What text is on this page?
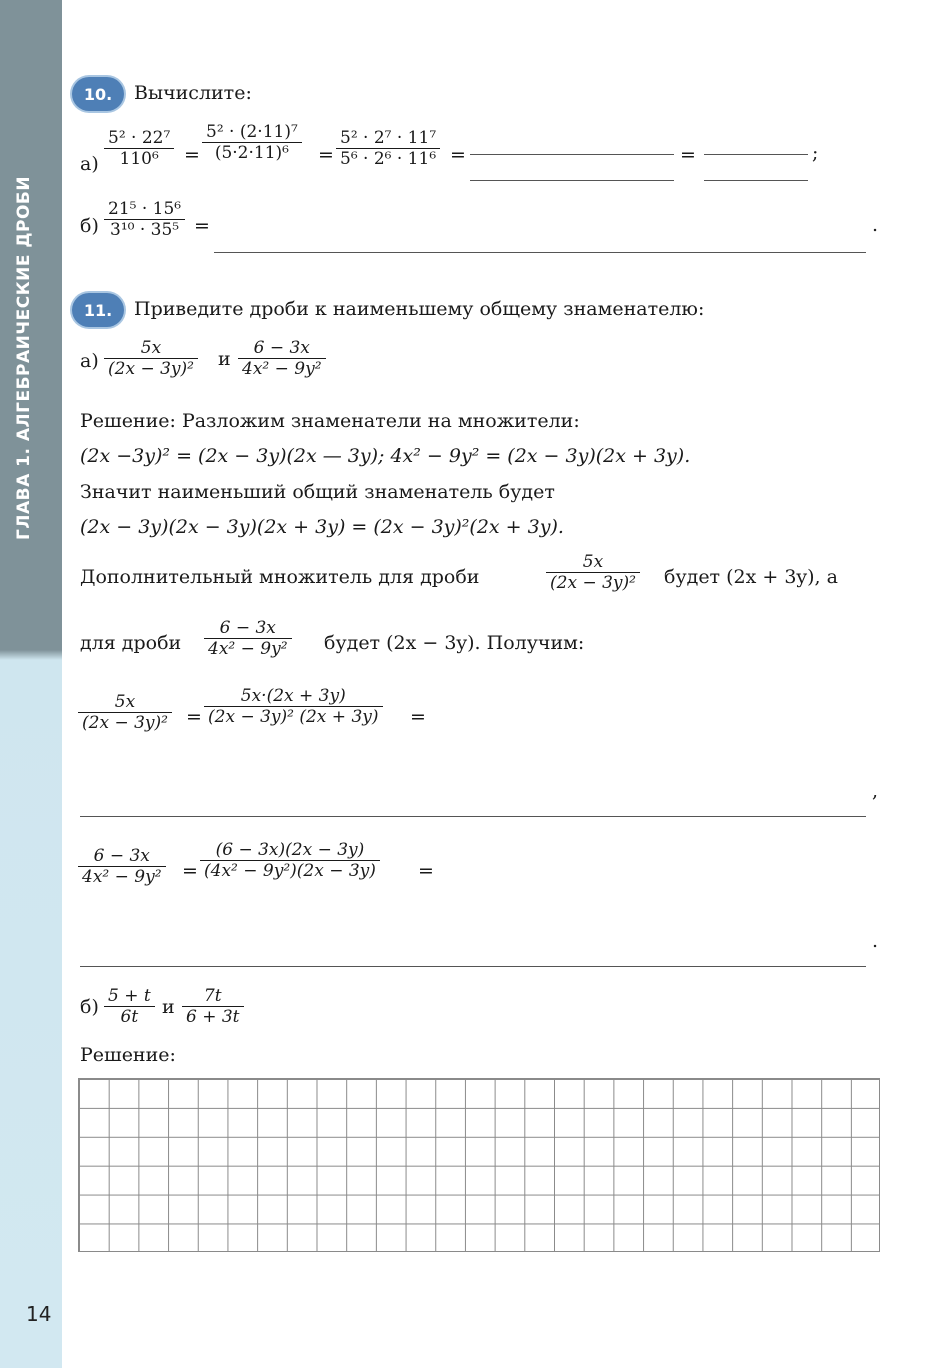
ГЛАВА 1. АЛГЕБРАИЧЕСКИЕ ДРОБИ
14
10.	Вычислите:
$а) \frac{\text{5² · 22⁷}}{\text{110⁶}} = \frac{\text{5² · (2·11)⁷}}{\text{(5·2·11)⁶}} = \frac{\text{5² · 2⁷ · 11⁷}}{\text{5⁶ · 2⁶ · 11⁶}}$ =	=	;
$б) \frac{\text{21⁵ · 15⁶}}{\text{3¹⁰ · 35⁵}}$ =	.
11.	Приведите дроби к наименьшему общему знаменателю:
$а) \frac{5x}{\text{(2x − 3y)²}}$ и $\frac{6 - 3x}{\text{4x² − 9y²}}$
Решение: Разложим знаменатели на множители:
(2x −3y)² = (2x − 3y)(2x — 3y); 4x² − 9y² = (2x − 3y)(2x + 3y).
Значит наименьший общий знаменатель будет
(2x − 3y)(2x − 3y)(2x + 3y) = (2x − 3y)²(2x + 3y).
Дополнительный множитель для дроби	$\frac{5x}{\text{(2x − 3y)²}}$ будет (2x + 3y), а
для дроби $\frac{6 - 3x}{\text{4x² − 9y²}}$ будет (2x − 3y). Получим:
$\frac{5x}{\text{(2x − 3y)²}} = \frac{5x\cdot(2x + 3y)}{\text{(2x − 3y)² (2x + 3y)}}$ =
,
$\frac{6 - 3x}{\text{4x² − 9y²}} = \frac{(6 - 3x)(2x - 3y)}{\text{(4x² − 9y²)(2x − 3y)}}$ =
.
$б) \frac{5 + t}{6t}$ и $\frac{7t}{6 + 3t}$
Решение:
